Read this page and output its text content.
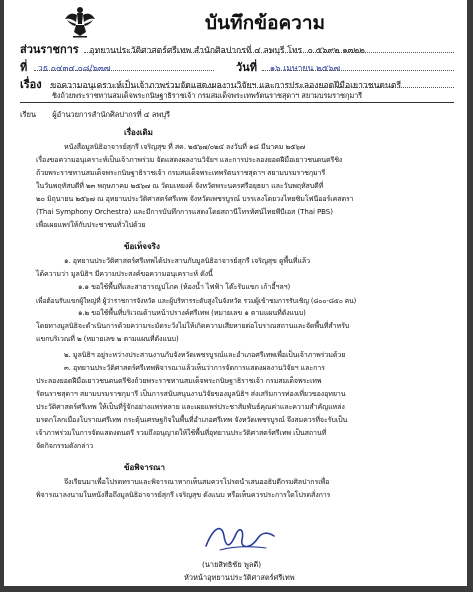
บันทึกข้อความ
ส่วนราชการ อุทยานประวัติศาสตร์ศรีเทพ สำนักศิลปากรที่ ๔ ลพบุรี โทร. ๐ ๕๖๙๒ ๑๓๒๒
ที่ วธ ๐๔๓๔.๐๘/๖๓๗	วันที่ ๑๖ เมษายน ๒๕๖๗
เรื่อง ขอความอนุเคราะห์เป็นเจ้าภาพร่วมจัดแสดงผลงานวิจัยฯ และการประลองยอดฝีมือเยาวชนดนตรี
ชิงถ้วยพระราชทานสมเด็จพระกนิษฐาธิราชเจ้า กรมสมเด็จพระเทพรัตนราชสุดาฯ สยามบรมราชกุมารี
เรียน ผู้อำนวยการสำนักศิลปากรที่ ๔ ลพบุรี
เรื่องเดิม
หนังสือมูลนิธิอาจารย์สุกรี เจริญสุข ที่ สค. ๒๕๖๗/๐๒๔ ลงวันที่ ๑๘ มีนาคม ๒๕๖๗
เรื่องขอความอนุเคราะห์เป็นเจ้าภาพร่วม จัดแสดงผลงานวิจัยฯ และการประลองยอดฝีมือเยาวชนดนตรีชิง
ถ้วยพระราชทานสมเด็จพระกนิษฐาธิราชเจ้า กรมสมเด็จพระเทพรัตนราชสุดาฯ สยามบรมราชกุมารี
ในวันพฤหัสบดีที่ ๒๓ พฤษภาคม ๒๕๖๗ ณ วัดมเหยงค์ จังหวัดพระนครศรีอยุธยา และวันพฤหัสบดีที่
๒๐ มิถุนายน ๒๕๖๗ ณ อุทยานประวัติศาสตร์ศรีเทพ จังหวัดเพชรบูรณ์ บรรเลงโดยวงไทยซิมโฟนีออร์เคสตรา
(Thai Symphony Orchestra) และมีการบันทึกการแสดงโดยสถานีโทรทัศน์ไทยพีบีเอส (Thai PBS)
เพื่อเผยแพร่ให้กับประชาชนทั่วไปด้วย
ข้อเท็จจริง
๑. อุทยานประวัติศาสตร์ศรีเทพได้ประสานกับมูลนิธิอาจารย์สุกรี เจริญสุข ดูพื้นที่แล้ว
ได้ความว่า มูลนิธิฯ มีความประสงค์ขอความอนุเคราะห์ ดังนี้
๑.๑ ขอใช้พื้นที่และสาธารณูปโภค (ห้องน้ำ ไฟฟ้า โต๊ะรับแขก เก้าอี้ฯลฯ)
เพื่อต้อนรับแขกผู้ใหญ่ที่ ผู้ว่าราชการจังหวัด และผู้บริหารระดับสูงในจังหวัด รวมผู้เข้าชมการรับเชิญ (๘๐๐-๘๕๐ คน)
๑.๒ ขอใช้พื้นที่บริเวณด้านหน้าปรางค์ศรีเทพ (หมายเลข ๑ ตามแผนที่ดังแนบ)
โดยทางมูลนิธิจะดำเนินการด้วยความระมัดระวังไม่ให้เกิดความเสียหายต่อโบราณสถานและจัดพื้นที่สำหรับ
แขกบริเวณที่ ๒ (หมายเลข ๒ ตามแผนที่ดังแนบ)
๒. มูลนิธิฯ อยู่ระหว่างประสานงานกับจังหวัดเพชรบูรณ์และอำเภอศรีเทพเพื่อเป็นเจ้าภาพร่วมด้วย
๓. อุทยานประวัติศาสตร์ศรีเทพพิจารณาแล้วเห็นว่าการจัดการแสดงผลงานวิจัยฯ และการ
ประลองยอดฝีมือเยาวชนดนตรีชิงถ้วยพระราชทานสมเด็จพระกนิษฐาธิราชเจ้า กรมสมเด็จพระเทพ
รัตนราชสุดาฯ สยามบรมราชกุมารี เป็นการสนับสนุนงานวิจัยของมูลนิธิฯ ส่งเสริมการท่องเที่ยวของอุทยาน
ประวัติศาสตร์ศรีเทพ ให้เป็นที่รู้จักอย่างแพร่หลาย และเผยแพร่ประชาสัมพันธ์คุณค่าและความสำคัญแหล่ง
มรดกโลกเมืองโบราณศรีเทพ กระตุ้นเศรษฐกิจในพื้นที่อำเภอศรีเทพ จังหวัดเพชรบูรณ์ จึงสมควรที่จะรับเป็น
เจ้าภาพร่วมในการจัดแสดงดนตรี รวมถึงอนุญาตให้ใช้พื้นที่อุทยานประวัติศาสตร์ศรีเทพ เป็นสถานที่
จัดกิจกรรมดังกล่าว
ข้อพิจารณา
จึงเรียนมาเพื่อโปรดทราบและพิจารณาหากเห็นสมควรโปรดนำเสนออธิบดีกรมศิลปากรเพื่อ
พิจารณาลงนามในหนังสือถึงมูลนิธิอาจารย์สุกรี เจริญสุข ดังแนบ หรือเห็นควรประการใดโปรดสั่งการ
(นายสิทธิชัย พูลดี)
หัวหน้าอุทยานประวัติศาสตร์ศรีเทพ
